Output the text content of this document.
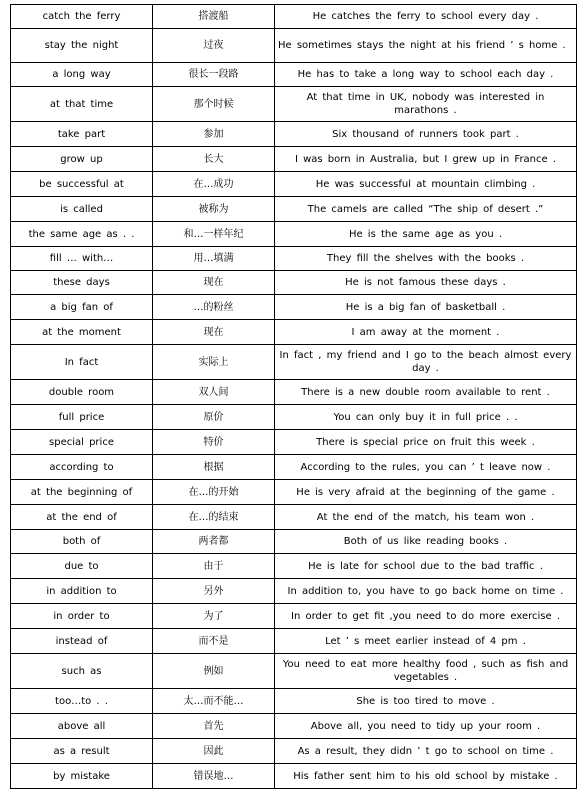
catch the ferry	搭渡船	He catches the ferry to school every day .
stay the night	过夜	He sometimes stays the night at his friend ’ s home .
a long way	很长一段路	He has to take a long way to school each day .
at that time	那个时候	At that time in UK, nobody was interested in marathons .
take part	参加	Six thousand of runners took part .
grow up	长大	I was born in Australia, but I grew up in France .
be successful at	在…成功	He was successful at mountain climbing .
is called	被称为	The camels are called “The ship of desert .”
the same age as . .	和…一样年纪	He is the same age as you .
fill … with…	用…填满	They fill the shelves with the books .
these days	现在	He is not famous these days .
a big fan of	…的粉丝	He is a big fan of basketball .
at the moment	现在	I am away at the moment .
In fact	实际上	In fact , my friend and I go to the beach almost every day .
double room	双人间	There is a new double room available to rent .
full price	原价	You can only buy it in full price . .
special price	特价	There is special price on fruit this week .
according to	根据	According to the rules, you can ’ t leave now .
at the beginning of	在…的开始	He is very afraid at the beginning of the game .
at the end of	在…的结束	At the end of the match, his team won .
both of	两者都	Both of us like reading books .
due to	由于	He is late for school due to the bad traffic .
in addition to	另外	In addition to, you have to go back home on time .
in order to	为了	In order to get fit ,you need to do more exercise .
instead of	而不是	Let ’ s meet earlier instead of 4 pm .
such as	例如	You need to eat more healthy food , such as fish and vegetables .
too…to . .	太…而不能…	She is too tired to move .
above all	首先	Above all, you need to tidy up your room .
as a result	因此	As a result, they didn ’ t go to school on time .
by mistake	错误地…	His father sent him to his old school by mistake .
